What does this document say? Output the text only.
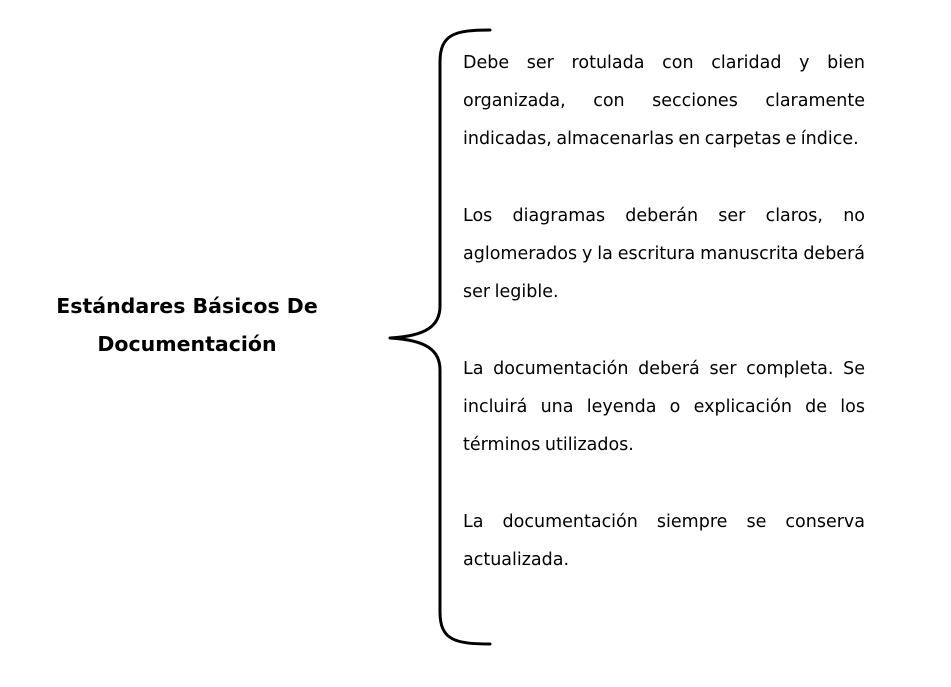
Estándares Básicos De Documentación

Debe ser rotulada con claridad y bien organizada, con secciones claramente indicadas, almacenarlas en carpetas e índice.

Los diagramas deberán ser claros, no aglomerados y la escritura manuscrita deberá ser legible.

La documentación deberá ser completa. Se incluirá una leyenda o explicación de los términos utilizados.

La documentación siempre se conserva actualizada.
